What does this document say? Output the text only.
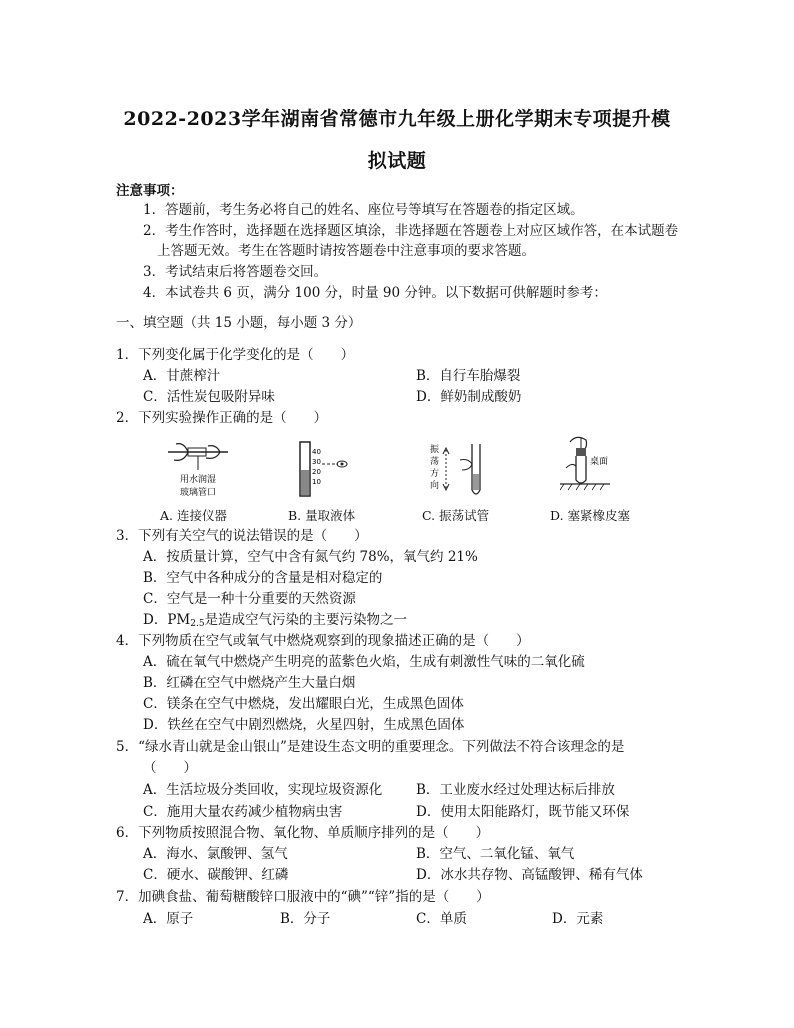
2022-2023学年湖南省常德市九年级上册化学期末专项提升模
拟试题
注意事项：
1．答题前，考生务必将自己的姓名、座位号等填写在答题卷的指定区域。
2．考生作答时，选择题在选择题区填涂，非选择题在答题卷上对应区域作答，在本试题卷
上答题无效。考生在答题时请按答题卷中注意事项的要求答题。
3．考试结束后将答题卷交回。
4．本试卷共 6 页，满分 100 分，时量 90 分钟。以下数据可供解题时参考：
一、填空题（共 15 小题，每小题 3 分）
1．下列变化属于化学变化的是（　　）
A．甘蔗榨汁	B．自行车胎爆裂
C．活性炭包吸附异味	D．鲜奶制成酸奶
2．下列实验操作正确的是（　　）
用水润湿
玻璃管口
40
30
20
10
振
荡
方
向
桌面
A. 连接仪器	B. 量取液体	C. 振荡试管	D. 塞紧橡皮塞
3．下列有关空气的说法错误的是（　　）
A．按质量计算，空气中含有氮气约 78%，氧气约 21%
B．空气中各种成分的含量是相对稳定的
C．空气是一种十分重要的天然资源
D．$PM_{2.5}$是造成空气污染的主要污染物之一
4．下列物质在空气或氧气中燃烧观察到的现象描述正确的是（　　）
A．硫在氧气中燃烧产生明亮的蓝紫色火焰，生成有刺激性气味的二氧化硫
B．红磷在空气中燃烧产生大量白烟
C．镁条在空气中燃烧，发出耀眼白光，生成黑色固体
D．铁丝在空气中剧烈燃烧，火星四射，生成黑色固体
5．“绿水青山就是金山银山”是建设生态文明的重要理念。下列做法不符合该理念的是
（　　）
A．生活垃圾分类回收，实现垃圾资源化	B．工业废水经过处理达标后排放
C．施用大量农药减少植物病虫害	D．使用太阳能路灯，既节能又环保
6．下列物质按照混合物、氧化物、单质顺序排列的是（　　）
A．海水、氯酸钾、氢气	B．空气、二氧化锰、氧气
C．硬水、碳酸钾、红磷	D．冰水共存物、高锰酸钾、稀有气体
7．加碘食盐、葡萄糖酸锌口服液中的“碘”“锌”指的是（　　）
A．原子	B．分子	C．单质	D．元素
